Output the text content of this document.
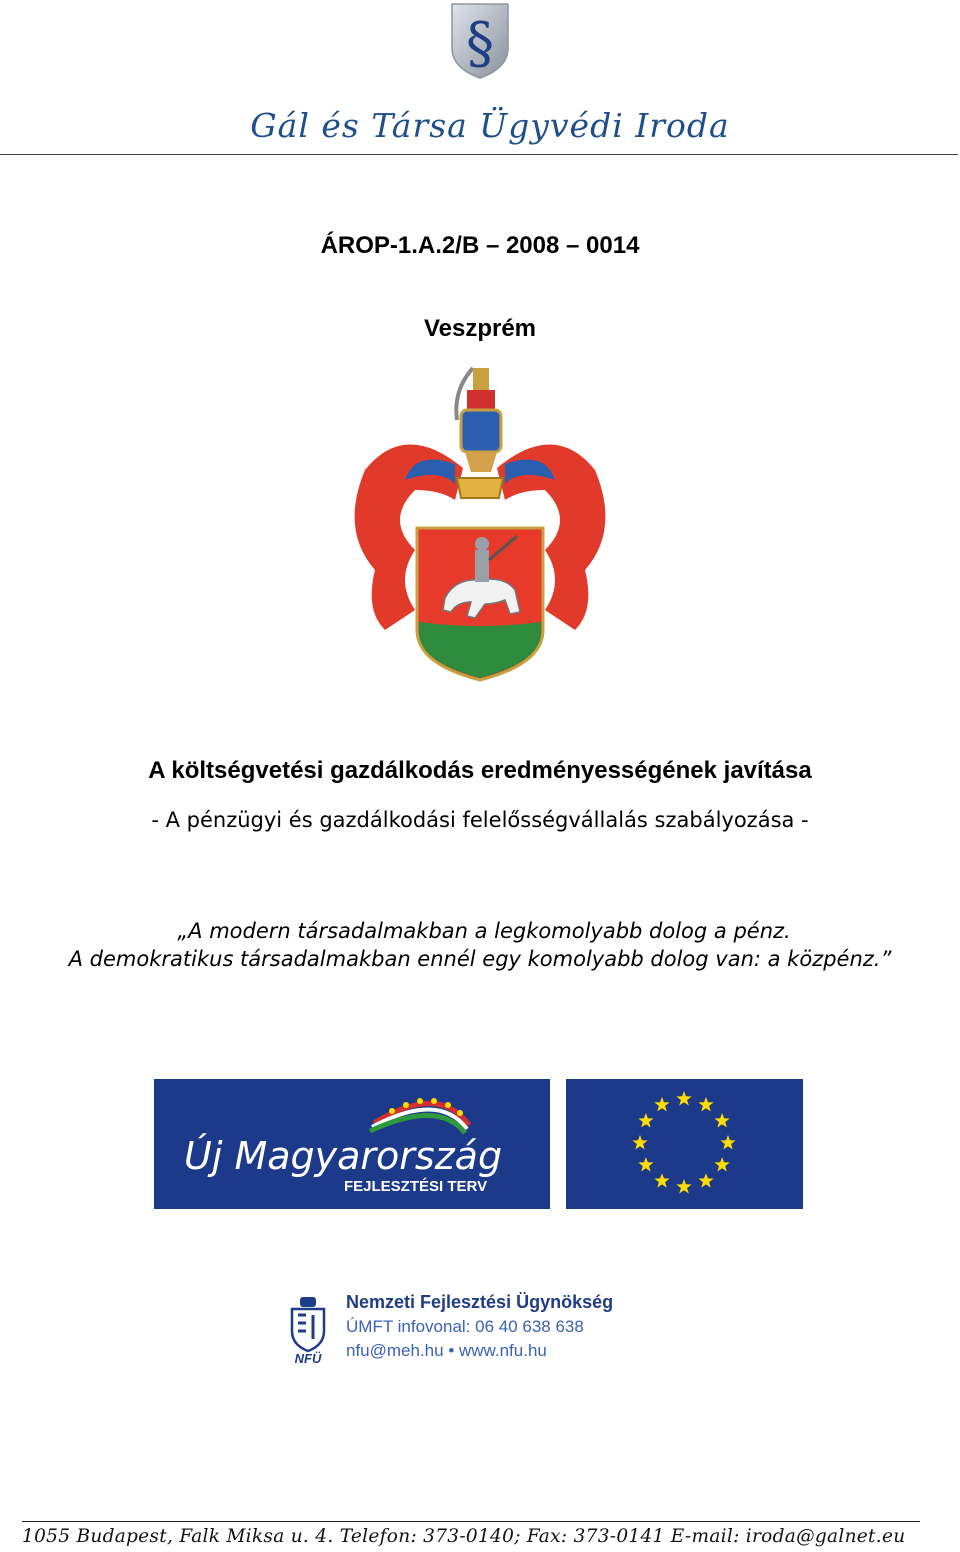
§
Gál és Társa Ügyvédi Iroda
ÁROP-1.A.2/B – 2008 – 0014
Veszprém
A költségvetési gazdálkodás eredményességének javítása
- A pénzügyi és gazdálkodási felelősségvállalás szabályozása -
„A modern társadalmakban a legkomolyabb dolog a pénz.
A demokratikus társadalmakban ennél egy komolyabb dolog van: a közpénz.”
Új Magyarország
FEJLESZTÉSI TERV
NFÜ
Nemzeti Fejlesztési Ügynökség
ÚMFT infovonal: 06 40 638 638
nfu@meh.hu • www.nfu.hu
1055 Budapest, Falk Miksa u. 4. Telefon: 373-0140; Fax: 373-0141 E-mail: iroda@galnet.eu
